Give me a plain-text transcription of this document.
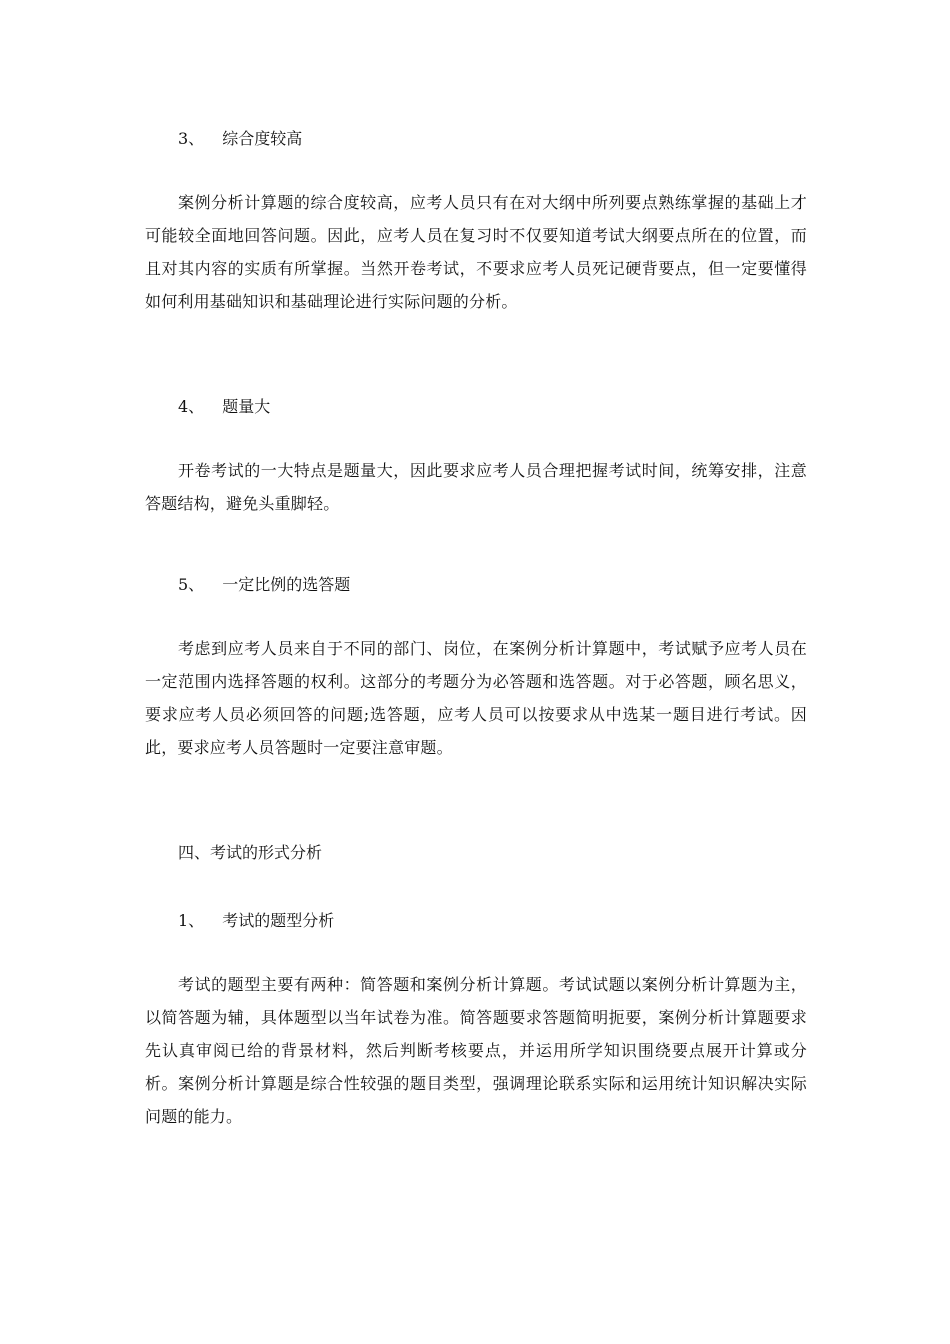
3、 综合度较高

案例分析计算题的综合度较高，应考人员只有在对大纲中所列要点熟练掌握的基础上才可能较全面地回答问题。因此，应考人员在复习时不仅要知道考试大纲要点所在的位置，而且对其内容的实质有所掌握。当然开卷考试，不要求应考人员死记硬背要点，但一定要懂得如何利用基础知识和基础理论进行实际问题的分析。

4、 题量大

开卷考试的一大特点是题量大，因此要求应考人员合理把握考试时间，统筹安排，注意答题结构，避免头重脚轻。

5、 一定比例的选答题

考虑到应考人员来自于不同的部门、岗位，在案例分析计算题中，考试赋予应考人员在一定范围内选择答题的权利。这部分的考题分为必答题和选答题。对于必答题，顾名思义，要求应考人员必须回答的问题;选答题，应考人员可以按要求从中选某一题目进行考试。因此，要求应考人员答题时一定要注意审题。

四、考试的形式分析
1、 考试的题型分析

考试的题型主要有两种：简答题和案例分析计算题。考试试题以案例分析计算题为主，以简答题为辅，具体题型以当年试卷为准。简答题要求答题简明扼要，案例分析计算题要求先认真审阅已给的背景材料，然后判断考核要点，并运用所学知识围绕要点展开计算或分析。案例分析计算题是综合性较强的题目类型，强调理论联系实际和运用统计知识解决实际问题的能力。
